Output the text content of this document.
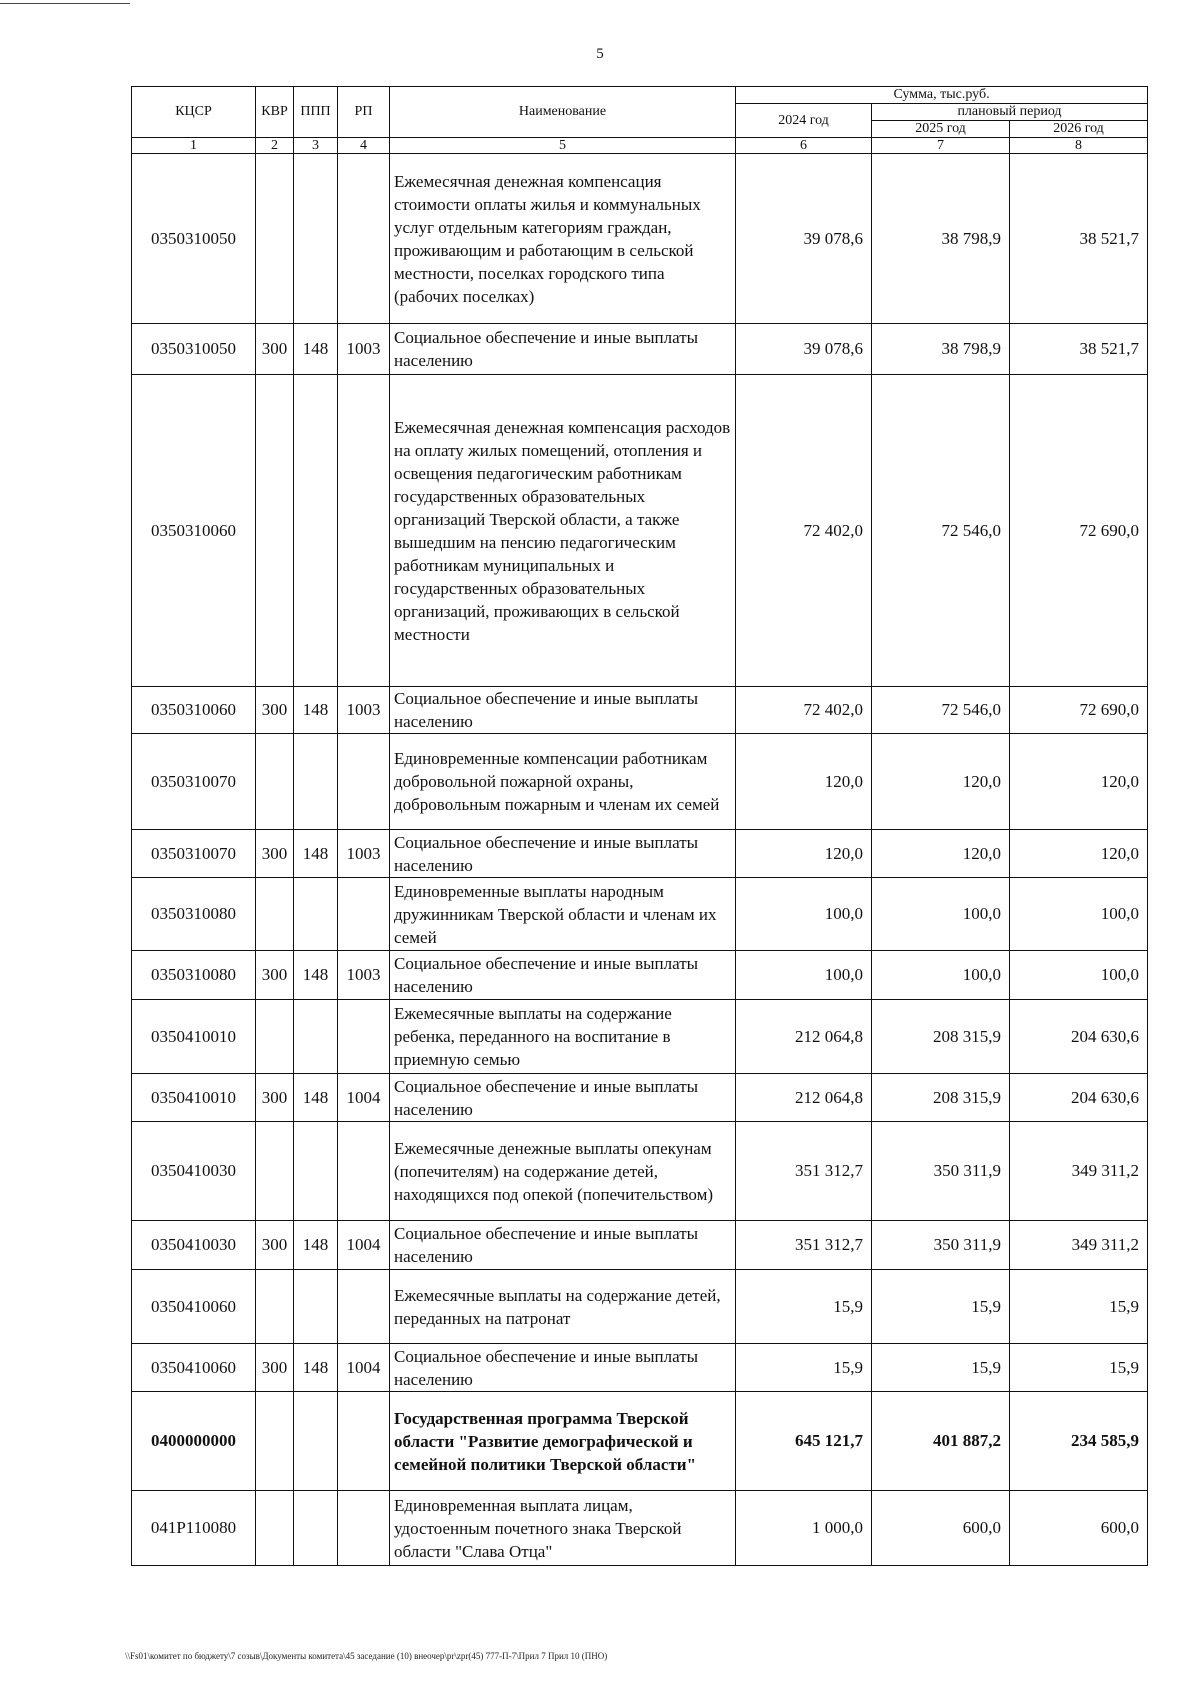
5
КЦСР	КВР	ППП	РП	Наименование	Сумма, тыс.руб.		
					2024 год	плановый период	
						2025 год	2026 год
1	2	3	4	5	6	7	8
0350310050				Ежемесячная денежная компенсация стоимости оплаты жилья и коммунальных услуг отдельным категориям граждан, проживающим и работающим в сельской местности, поселках городского типа (рабочих поселках)	39 078,6	38 798,9	38 521,7
0350310050	300	148	1003	Социальное обеспечение и иные выплаты населению	39 078,6	38 798,9	38 521,7
0350310060				Ежемесячная денежная компенсация расходов на оплату жилых помещений, отопления и освещения педагогическим работникам государственных образовательных организаций Тверской области, а также вышедшим на пенсию педагогическим работникам муниципальных и государственных образовательных организаций, проживающих в сельской местности	72 402,0	72 546,0	72 690,0
0350310060	300	148	1003	Социальное обеспечение и иные выплаты населению	72 402,0	72 546,0	72 690,0
0350310070				Единовременные компенсации работникам добровольной пожарной охраны, добровольным пожарным и членам их семей	120,0	120,0	120,0
0350310070	300	148	1003	Социальное обеспечение и иные выплаты населению	120,0	120,0	120,0
0350310080				Единовременные выплаты народным дружинникам Тверской области и членам их семей	100,0	100,0	100,0
0350310080	300	148	1003	Социальное обеспечение и иные выплаты населению	100,0	100,0	100,0
0350410010				Ежемесячные выплаты на содержание ребенка, переданного на воспитание в приемную семью	212 064,8	208 315,9	204 630,6
0350410010	300	148	1004	Социальное обеспечение и иные выплаты населению	212 064,8	208 315,9	204 630,6
0350410030				Ежемесячные денежные выплаты опекунам (попечителям) на содержание детей, находящихся под опекой (попечительством)	351 312,7	350 311,9	349 311,2
0350410030	300	148	1004	Социальное обеспечение и иные выплаты населению	351 312,7	350 311,9	349 311,2
0350410060				Ежемесячные выплаты на содержание детей, переданных на патронат	15,9	15,9	15,9
0350410060	300	148	1004	Социальное обеспечение и иные выплаты населению	15,9	15,9	15,9
0400000000				Государственная программа Тверской области "Развитие демографической и семейной политики Тверской области"	645 121,7	401 887,2	234 585,9
041P110080				Единовременная выплата лицам, удостоенным почетного знака Тверской области "Слава Отца"	1 000,0	600,0	600,0
\\Fs01\комитет по бюджету\7 созыв\Документы комитета\45 заседание (10) внеочер\pr\zpr(45) 777-П-7\Прил 7 Прил 10 (ПНО)
